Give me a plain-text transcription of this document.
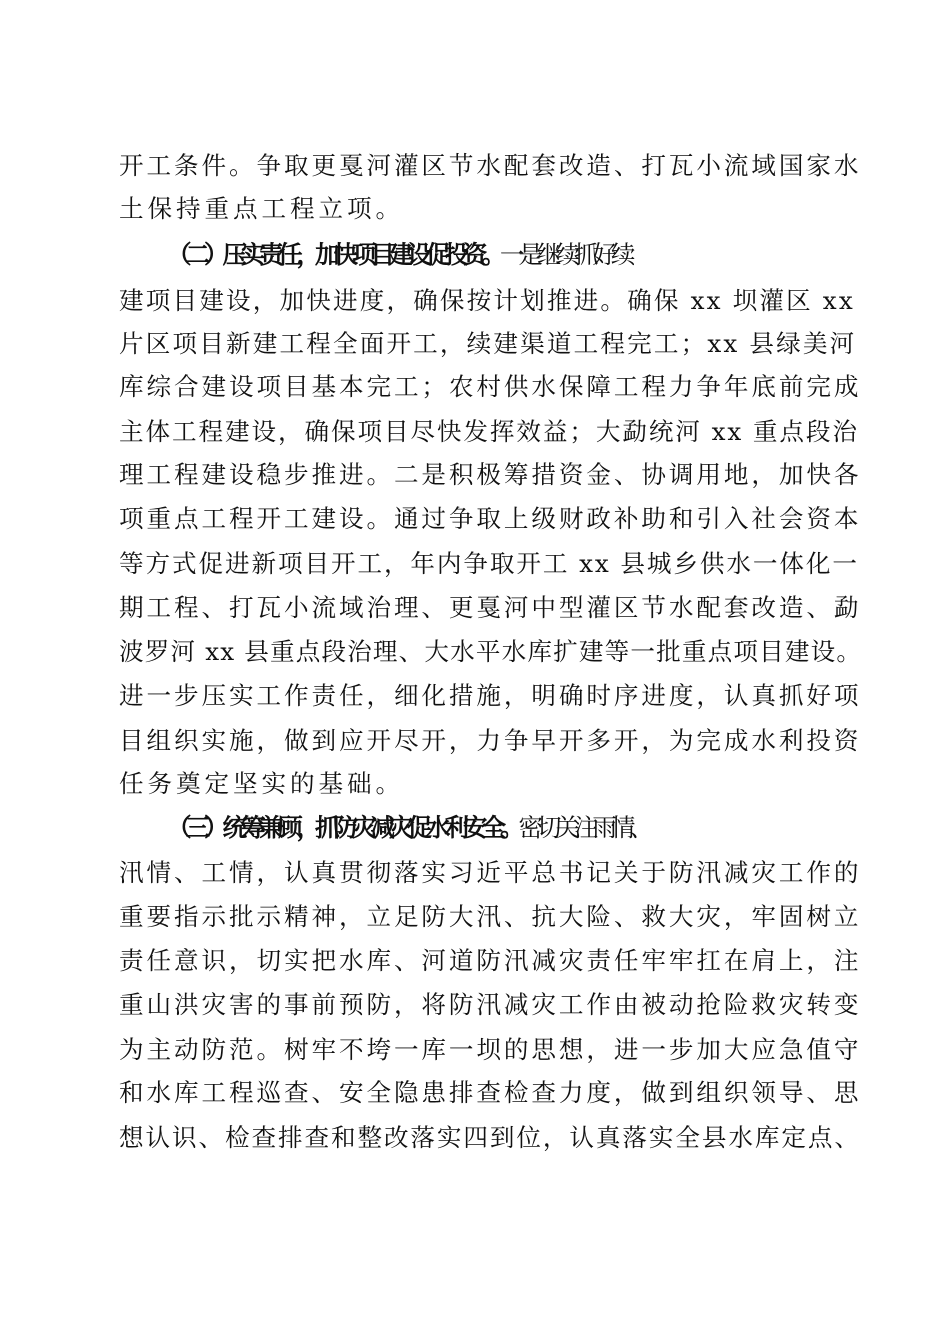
开工条件。争取更戛河灌区节水配套改造、打瓦小流域国家水

土保持重点工程立项。

（二）压实责任，加快项目建设促投资。一是继续抓好续

建项目建设，加快进度，确保按计划推进。确保 xx 坝灌区 xx

片区项目新建工程全面开工，续建渠道工程完工；xx 县绿美河

库综合建设项目基本完工；农村供水保障工程力争年底前完成

主体工程建设，确保项目尽快发挥效益；大勐统河 xx 重点段治

理工程建设稳步推进。二是积极筹措资金、协调用地，加快各

项重点工程开工建设。通过争取上级财政补助和引入社会资本

等方式促进新项目开工，年内争取开工 xx 县城乡供水一体化一

期工程、打瓦小流域治理、更戛河中型灌区节水配套改造、勐

波罗河 xx 县重点段治理、大水平水库扩建等一批重点项目建设。

进一步压实工作责任，细化措施，明确时序进度，认真抓好项

目组织实施，做到应开尽开，力争早开多开，为完成水利投资

任务奠定坚实的基础。

（三）统筹兼顾，抓防灾减灾促水利安全。密切关注雨情、

汛情、工情，认真贯彻落实习近平总书记关于防汛减灾工作的

重要指示批示精神，立足防大汛、抗大险、救大灾，牢固树立

责任意识，切实把水库、河道防汛减灾责任牢牢扛在肩上，注

重山洪灾害的事前预防，将防汛减灾工作由被动抢险救灾转变

为主动防范。树牢不垮一库一坝的思想，进一步加大应急值守

和水库工程巡查、安全隐患排查检查力度，做到组织领导、思

想认识、检查排查和整改落实四到位，认真落实全县水库定点、
